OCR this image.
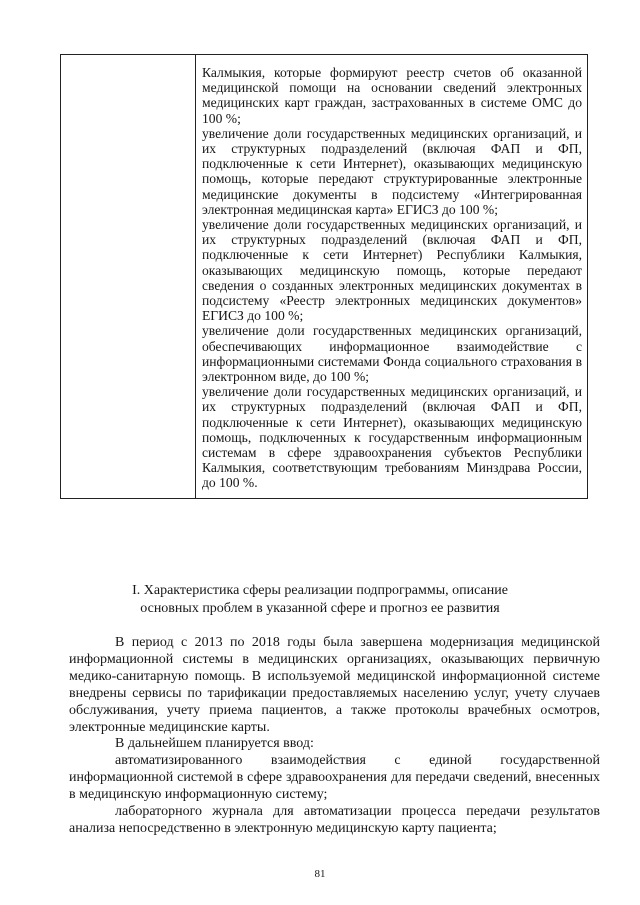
Калмыкия, которые формируют реестр счетов об оказанной медицинской помощи на основании сведений электронных медицинских карт граждан, застрахованных в системе ОМС до 100 %;

увеличение доли государственных медицинских организаций, и их структурных подразделений (включая ФАП и ФП, подключенные к сети Интернет), оказывающих медицинскую помощь, которые передают структурированные электронные медицинские документы в подсистему «Интегрированная электронная медицинская карта» ЕГИСЗ до 100 %;

увеличение доли государственных медицинских организаций, и их структурных подразделений (включая ФАП и ФП, подключенные к сети Интернет) Республики Калмыкия, оказывающих медицинскую помощь, которые передают сведения о созданных электронных медицинских документах в подсистему «Реестр электронных медицинских документов» ЕГИСЗ до 100 %;

увеличение доли государственных медицинских организаций, обеспечивающих информационное взаимодействие с информационными системами Фонда социального страхования в электронном виде, до 100 %;

увеличение доли государственных медицинских организаций, и их структурных подразделений (включая ФАП и ФП, подключенные к сети Интернет), оказывающих медицинскую помощь, подключенных к государственным информационным системам в сфере здравоохранения субъектов Республики Калмыкия, соответствующим требованиям Минздрава России, до 100 %.

I. Характеристика сферы реализации подпрограммы, описание
основных проблем в указанной сфере и прогноз ее развития

В период с 2013 по 2018 годы была завершена модернизация медицинской информационной системы в медицинских организациях, оказывающих первичную медико-санитарную помощь. В используемой медицинской информационной системе внедрены сервисы по тарификации предоставляемых населению услуг, учету случаев обслуживания, учету приема пациентов, а также протоколы врачебных осмотров, электронные медицинские карты.

В дальнейшем планируется ввод:

автоматизированного взаимодействия с единой государственной информационной системой в сфере здравоохранения для передачи сведений, внесенных в медицинскую информационную систему;

лабораторного журнала для автоматизации процесса передачи результатов анализа непосредственно в электронную медицинскую карту пациента;

81
